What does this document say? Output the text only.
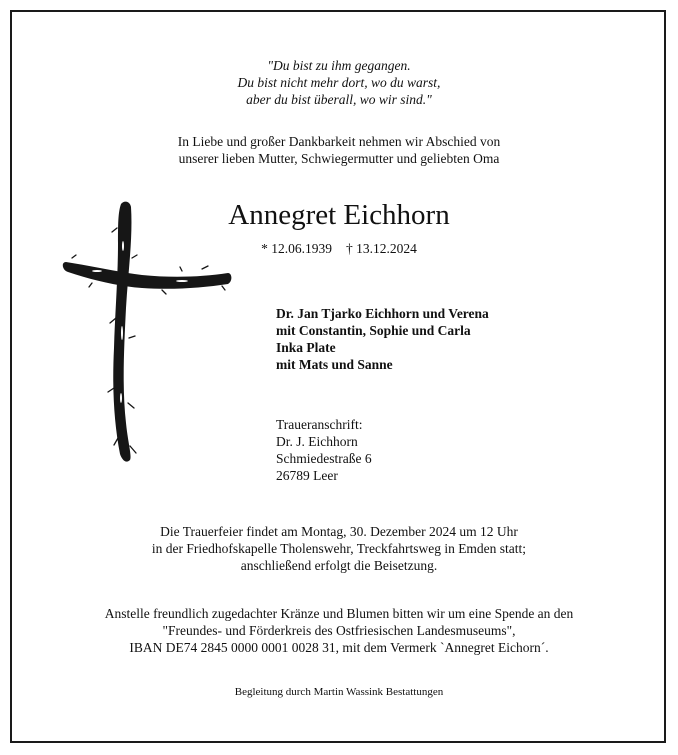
"Du bist zu ihm gegangen.
Du bist nicht mehr dort, wo du warst,
aber du bist überall, wo wir sind."
In Liebe und großer Dankbarkeit nehmen wir Abschied von
unserer lieben Mutter, Schwiegermutter und geliebten Oma
Annegret Eichhorn
* 12.06.1939 † 13.12.2024
Dr. Jan Tjarko Eichhorn und Verena
mit Constantin, Sophie und Carla
Inka Plate
mit Mats und Sanne
Traueranschrift:
Dr. J. Eichhorn
Schmiedestraße 6
26789 Leer
Die Trauerfeier findet am Montag, 30. Dezember 2024 um 12 Uhr
in der Friedhofskapelle Tholenswehr, Treckfahrtsweg in Emden statt;
anschließend erfolgt die Beisetzung.
Anstelle freundlich zugedachter Kränze und Blumen bitten wir um eine Spende an den
"Freundes- und Förderkreis des Ostfriesischen Landesmuseums",
IBAN DE74 2845 0000 0001 0028 31, mit dem Vermerk `Annegret Eichorn´.
Begleitung durch Martin Wassink Bestattungen
